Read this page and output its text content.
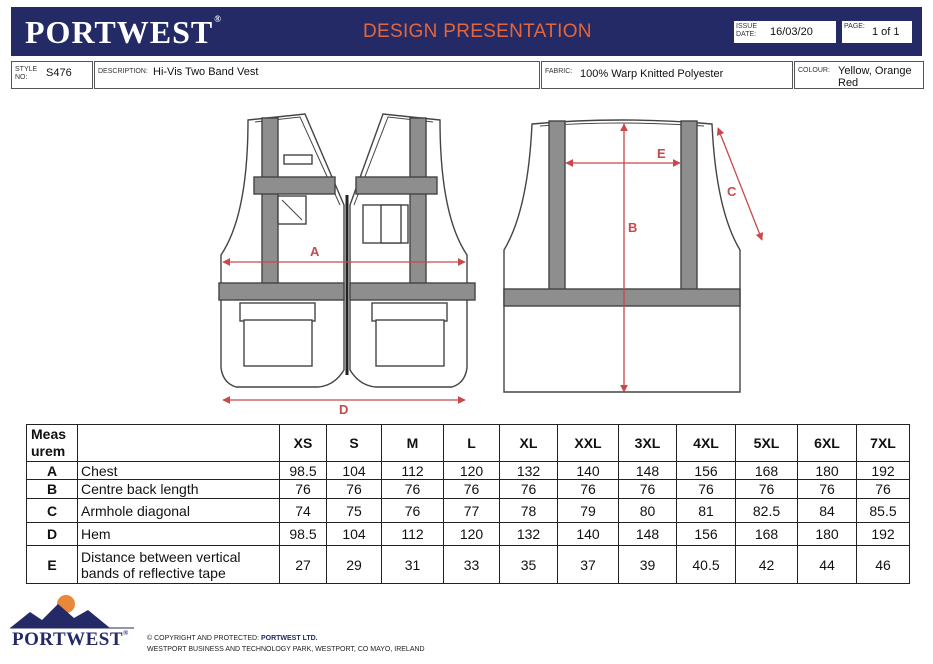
PORTWEST®
DESIGN PRESENTATION	ISSUE
DATE: 16/03/20	PAGE: 1 of 1
STYLE
NO:	S476	DESCRIPTION: Hi-Vis Two Band Vest	FABRIC: 100% Warp Knitted Polyester	COLOUR: Yellow, Orange
Red
A
D
B
E
C
Meas
urem		XS	S	M	L	XL	XXL	3XL	4XL	5XL	6XL	7XL
A	Chest	98.5	104	112	120	132	140	148	156	168	180	192
B	Centre back length	76	76	76	76	76	76	76	76	76	76	76
C	Armhole diagonal	74	75	76	77	78	79	80	81	82.5	84	85.5
D	Hem	98.5	104	112	120	132	140	148	156	168	180	192
E	Distance between vertical
bands of reflective tape	27	29	31	33	35	37	39	40.5	42	44	46
PORTWEST®
© COPYRIGHT AND PROTECTED: PORTWEST LTD.
WESTPORT BUSINESS AND TECHNOLOGY PARK, WESTPORT, CO MAYO, IRELAND
